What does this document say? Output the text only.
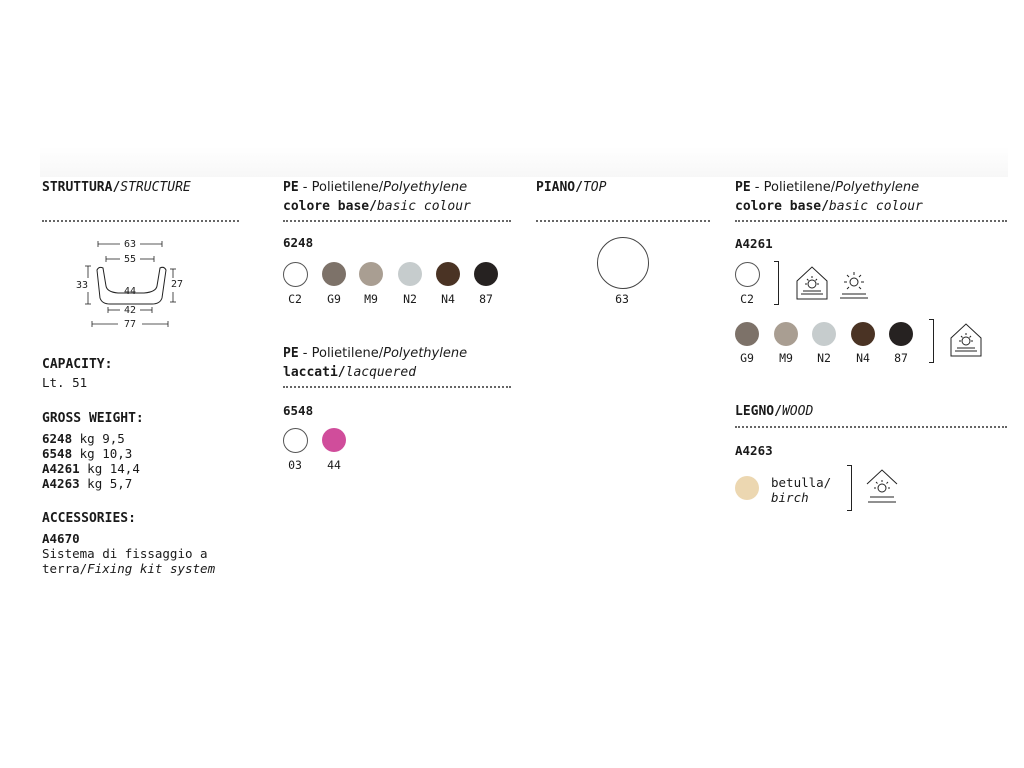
STRUTTURA/STRUCTURE
63
55
33
44
27
42
77
CAPACITY:
Lt. 51
GROSS WEIGHT:
6248 kg 9,5
6548 kg 10,3
A4261 kg 14,4
A4263 kg 5,7
ACCESSORIES:
A4670
Sistema di fissaggio a
terra/Fixing kit system
PE - Polietilene/Polyethylene
colore base/basic colour
6248
C2	G9	M9	N2	N4	87
PE - Polietilene/Polyethylene
laccati/lacquered
6548
03	44
PIANO/TOP
63
PE - Polietilene/Polyethylene
colore base/basic colour
A4261
C2
G9	M9	N2	N4	87
LEGNO/WOOD
A4263
betulla/
birch
